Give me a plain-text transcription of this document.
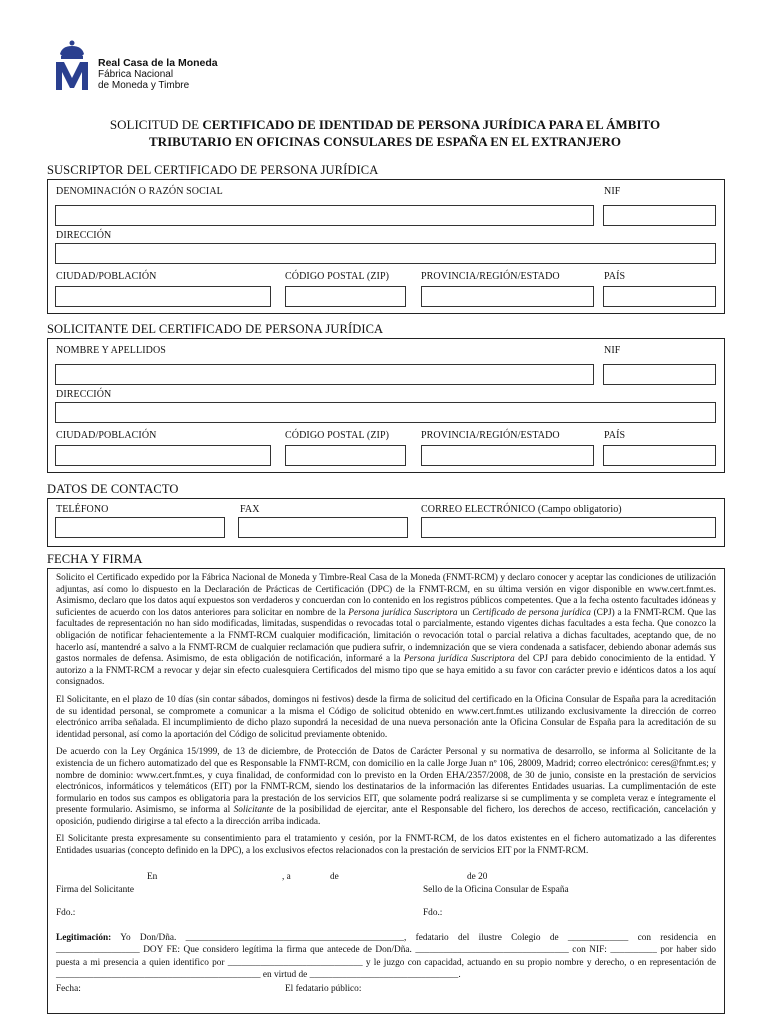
Real Casa de la Moneda
Fábrica Nacional
de Moneda y Timbre
SOLICITUD DE CERTIFICADO DE IDENTIDAD DE PERSONA JURÍDICA PARA EL ÁMBITO
TRIBUTARIO EN OFICINAS CONSULARES DE ESPAÑA EN EL EXTRANJERO
SUSCRIPTOR DEL CERTIFICADO DE PERSONA JURÍDICA
DENOMINACIÓN O RAZÓN SOCIAL	NIF
DIRECCIÓN
CIUDAD/POBLACIÓN	CÓDIGO POSTAL (ZIP)	PROVINCIA/REGIÓN/ESTADO	PAÍS
SOLICITANTE DEL CERTIFICADO DE PERSONA JURÍDICA
NOMBRE Y APELLIDOS	NIF
DIRECCIÓN
CIUDAD/POBLACIÓN	CÓDIGO POSTAL (ZIP)	PROVINCIA/REGIÓN/ESTADO	PAÍS
DATOS DE CONTACTO
TELÉFONO	FAX	CORREO ELECTRÓNICO (Campo obligatorio)
FECHA Y FIRMA

Solicito el Certificado expedido por la Fábrica Nacional de Moneda y Timbre-Real Casa de la Moneda (FNMT-RCM) y declaro conocer y aceptar las condiciones de utilización adjuntas, así como lo dispuesto en la Declaración de Prácticas de Certificación (DPC) de la FNMT-RCM, en su última versión en vigor disponible en www.cert.fnmt.es. Asimismo, declaro que los datos aquí expuestos son verdaderos y concuerdan con lo contenido en los registros públicos competentes. Que a la fecha ostento facultades idóneas y suficientes de acuerdo con los datos anteriores para solicitar en nombre de la Persona jurídica Suscriptora un Certificado de persona jurídica (CPJ) a la FNMT-RCM. Que las facultades de representación no han sido modificadas, limitadas, suspendidas o revocadas total o parcialmente, estando vigentes dichas facultades a esta fecha. Que conozco la obligación de notificar fehacientemente a la FNMT-RCM cualquier modificación, limitación o revocación total o parcial relativa a dichas facultades, aceptando que, de no hacerlo así, mantendré a salvo a la FNMT-RCM de cualquier reclamación que pudiera sufrir, o indemnización que se viera condenada a satisfacer, debiendo abonar además sus gastos normales de defensa. Asimismo, de esta obligación de notificación, informaré a la Persona jurídica Suscriptora del CPJ para debido conocimiento de la entidad. Y autorizo a la FNMT-RCM a revocar y dejar sin efecto cualesquiera Certificados del mismo tipo que se haya emitido a su favor con carácter previo e idénticos datos a los aquí consignados.

El Solicitante, en el plazo de 10 días (sin contar sábados, domingos ni festivos) desde la firma de solicitud del certificado en la Oficina Consular de España para la acreditación de su identidad personal, se compromete a comunicar a la misma el Código de solicitud obtenido en www.cert.fnmt.es utilizando exclusivamente la dirección de correo electrónico arriba señalada. El incumplimiento de dicho plazo supondrá la necesidad de una nueva personación ante la Oficina Consular de España para la acreditación de su identidad personal, así como la aportación del Código de solicitud previamente obtenido.

De acuerdo con la Ley Orgánica 15/1999, de 13 de diciembre, de Protección de Datos de Carácter Personal y su normativa de desarrollo, se informa al Solicitante de la existencia de un fichero automatizado del que es Responsable la FNMT-RCM, con domicilio en la calle Jorge Juan nº 106, 28009, Madrid; correo electrónico: ceres@fnmt.es; y nombre de dominio: www.cert.fnmt.es, y cuya finalidad, de conformidad con lo previsto en la Orden EHA/2357/2008, de 30 de junio, consiste en la prestación de servicios electrónicos, informáticos y telemáticos (EIT) por la FNMT-RCM, siendo los destinatarios de la información las diferentes Entidades usuarias. La cumplimentación de este formulario en todos sus campos es obligatoria para la prestación de los servicios EIT, que solamente podrá realizarse si se cumplimenta y se completa veraz e íntegramente el presente formulario. Asimismo, se informa al Solicitante de la posibilidad de ejercitar, ante el Responsable del fichero, los derechos de acceso, rectificación, cancelación y oposición, pudiendo dirigirse a tal efecto a la dirección arriba indicada.

El Solicitante presta expresamente su consentimiento para el tratamiento y cesión, por la FNMT-RCM, de los datos existentes en el fichero automatizado a las diferentes Entidades usuarias (concepto definido en la DPC), a los exclusivos efectos relacionados con la prestación de servicios EIT por la FNMT-RCM.

En	, a	de	de 20
Firma del Solicitante	Sello de la Oficina Consular de España
Fdo.:	Fdo.:
Legitimación: Yo Don/Dña. _______________________________________________, fedatario del ilustre Colegio de _____________ con residencia en __________________ DOY FE: Que considero legítima la firma que antecede de Don/Dña. _________________________________ con NIF: __________ por haber sido puesta a mi presencia a quien identifico por _____________________________ y le juzgo con capacidad, actuando en su propio nombre y derecho, o en representación de ____________________________________________ en virtud de ________________________________.
Fecha:	El fedatario público:
